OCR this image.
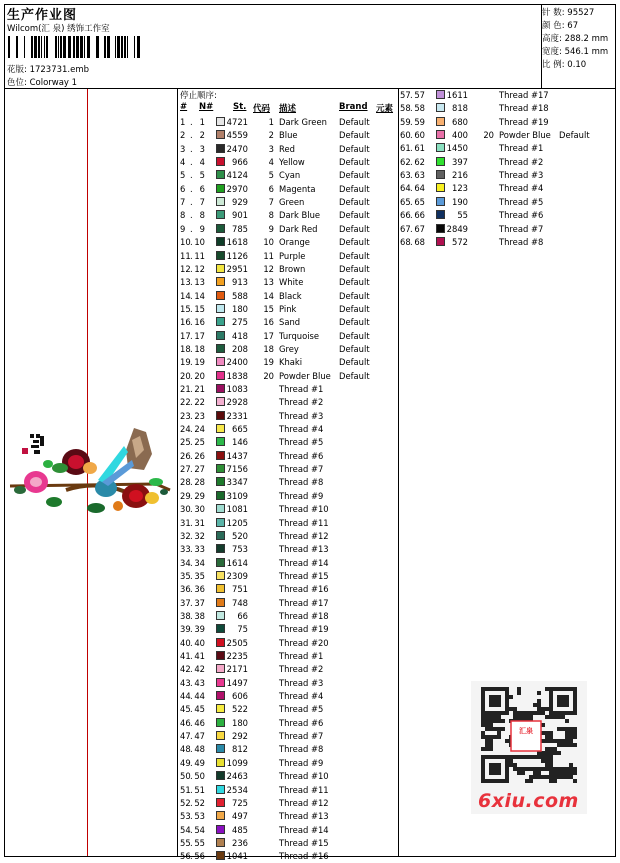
生产作业图
Wilcom(汇 泉) 绣饰工作室
花版: 1723731.emb
色位: Colorway 1
针 数: 95527
颜 色: 67
高度: 288.2 mm
宽度: 546.1 mm
比 例: 0.10
停止顺序:
# N# St. 代码 描述	Brand 元素
1 . 1	4721	1 Dark Green Default
2 . 2	4559	2 Blue	Default
3 . 3	2470	3 Red	Default
4 . 4	966	4 Yellow	Default
5 . 5	4124	5 Cyan	Default
6 . 6	2970	6 Magenta	Default
7 . 7	929	7 Green	Default
8 . 8	901	8 Dark Blue Default
9 . 9	785	9 Dark Red	Default
10 . 10	1618	10 Orange	Default
11 . 11	1126	11 Purple	Default
12 . 12	2951	12 Brown	Default
13 . 13	913	13 White	Default
14 . 14	588	14 Black	Default
15 . 15	180	15 Pink	Default
16 . 16	275	16 Sand	Default
17 . 17	418	17 Turquoise Default
18 . 18	208	18 Grey	Default
19 . 19	2400	19 Khaki	Default
20 . 20	1838	20 Powder Blue Default
21 . 21	1083	Thread #1
22 . 22	2928	Thread #2
23 . 23	2331	Thread #3
24 . 24	665	Thread #4
25 . 25	146	Thread #5
26 . 26	1437	Thread #6
27 . 27	7156	Thread #7
28 . 28	3347	Thread #8
29 . 29	3109	Thread #9
30 . 30	1081	Thread #10
31 . 31	1205	Thread #11
32 . 32	520	Thread #12
33 . 33	753	Thread #13
34 . 34	1614	Thread #14
35 . 35	2309	Thread #15
36 . 36	751	Thread #16
37 . 37	748	Thread #17
38 . 38	66	Thread #18
39 . 39	75	Thread #19
40 . 40	2505	Thread #20
41 . 41	2235	Thread #1
42 . 42	2171	Thread #2
43 . 43	1497	Thread #3
44 . 44	606	Thread #4
45 . 45	522	Thread #5
46 . 46	180	Thread #6
47 . 47	292	Thread #7
48 . 48	812	Thread #8
49 . 49	1099	Thread #9
50 . 50	2463	Thread #10
51 . 51	2534	Thread #11
52 . 52	725	Thread #12
53 . 53	497	Thread #13
54 . 54	485	Thread #14
55 . 55	236	Thread #15
56 . 56	1041	Thread #16
57 . 57	1611	Thread #17
58 . 58	818	Thread #18
59 . 59	680	Thread #19
60 . 60	400	20 Powder Blue Default
61 . 61	1450	Thread #1
62 . 62	397	Thread #2
63 . 63	216	Thread #3
64 . 64	123	Thread #4
65 . 65	190	Thread #5
66 . 66	55	Thread #6
67 . 67	2849	Thread #7
68 . 68	572	Thread #8
汇泉
6xiu.com
